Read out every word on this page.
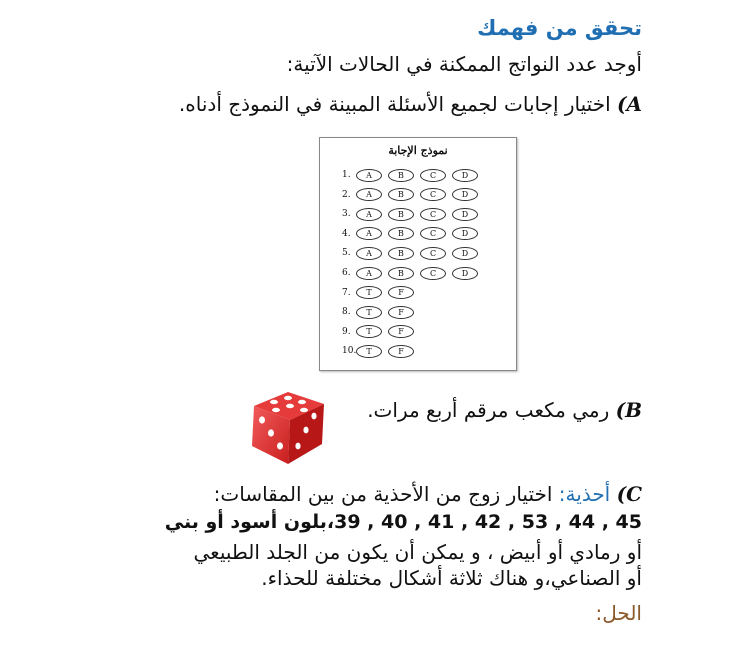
تحقق من فهمك
أوجد عدد النواتج الممكنة في الحالات الآتية:
A) اختيار إجابات لجميع الأسئلة المبينة في النموذج أدناه.
نموذج الإجابة
1.	A	B	C	D
2.	A	B	C	D
3.	A	B	C	D
4.	A	B	C	D
5.	A	B	C	D
6.	A	B	C	D
7.	T	F
8.	T	F
9.	T	F
10.	T	F
B) رمي مكعب مرقم أربع مرات.
C) أحذية: اختيار زوج من الأحذية من بين المقاسات:
45 , 44 , 53 , 42 , 41 , 40 , 39،بلون أسود أو بني
أو رمادي أو أبيض ، و يمكن أن يكون من الجلد الطبيعي
أو الصناعي،و هناك ثلاثة أشكال مختلفة للحذاء.
الحل:
